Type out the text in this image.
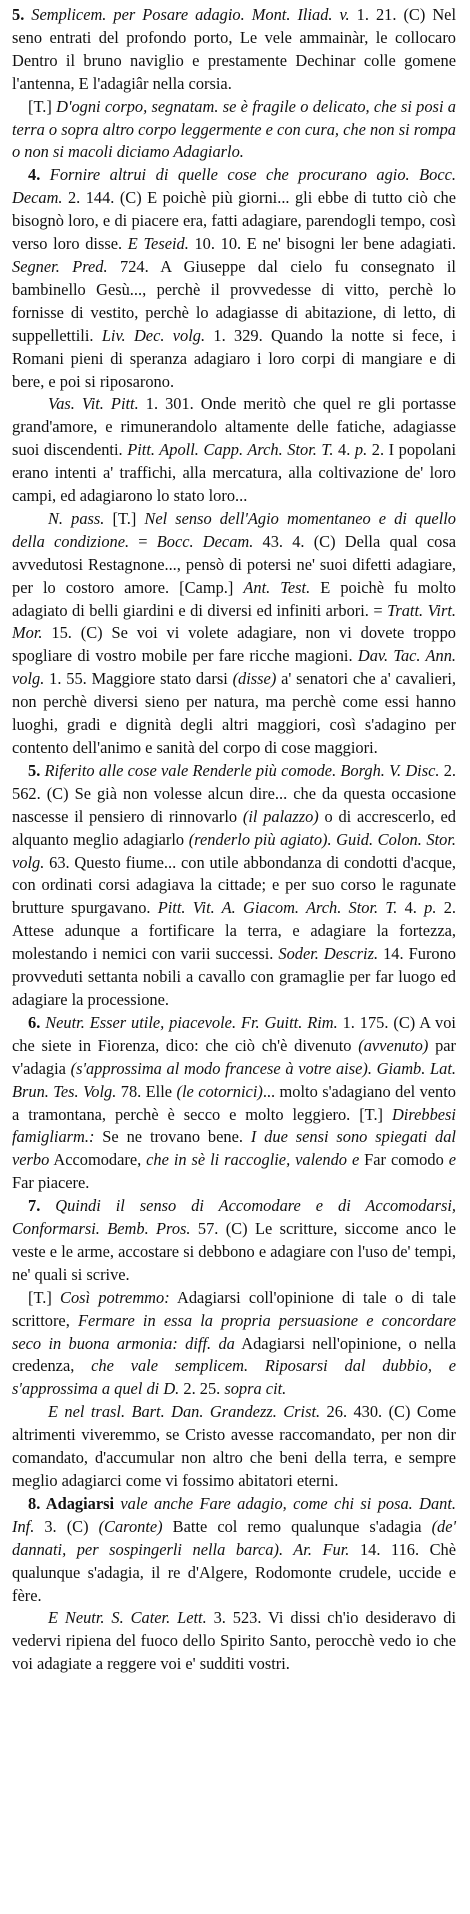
5. Semplicem. per Posare adagio. Mont. Iliad. v. 1. 21. (C) Nel seno entrati del profondo porto, Le vele ammainàr, le collocaro Dentro il bruno naviglio e prestamente Dechinar colle gomene l'antenna, E l'adagiâr nella corsia.

[T.] D'ogni corpo, segnatam. se è fragile o delicato, che si posi a terra o sopra altro corpo leggermente e con cura, che non si rompa o non si macoli diciamo Adagiarlo.

4. Fornire altrui di quelle cose che procurano agio. Bocc. Decam. 2. 144. (C) E poichè più giorni... gli ebbe di tutto ciò che bisognò loro, e di piacere era, fatti adagiare, parendogli tempo, così verso loro disse. E Teseid. 10. 10. E ne' bisogni ler bene adagiati. Segner. Pred. 724. A Giuseppe dal cielo fu consegnato il bambinello Gesù..., perchè il provvedesse di vitto, perchè lo fornisse di vestito, perchè lo adagiasse di abitazione, di letto, di suppellettili. Liv. Dec. volg. 1. 329. Quando la notte si fece, i Romani pieni di speranza adagiaro i loro corpi di mangiare e di bere, e poi si riposarono.

Vas. Vit. Pitt. 1. 301. Onde meritò che quel re gli portasse grand'amore, e rimunerandolo altamente delle fatiche, adagiasse suoi discendenti. Pitt. Apoll. Capp. Arch. Stor. T. 4. p. 2. I popolani erano intenti a' traffichi, alla mercatura, alla coltivazione de' loro campi, ed adagiarono lo stato loro...

N. pass. [T.] Nel senso dell'Agio momentaneo e di quello della condizione. = Bocc. Decam. 43. 4. (C) Della qual cosa avvedutosi Restagnone..., pensò di potersi ne' suoi difetti adagiare, per lo costoro amore. [Camp.] Ant. Test. E poichè fu molto adagiato di belli giardini e di diversi ed infiniti arbori. = Tratt. Virt. Mor. 15. (C) Se voi vi volete adagiare, non vi dovete troppo spogliare di vostro mobile per fare ricche magioni. Dav. Tac. Ann. volg. 1. 55. Maggiore stato darsi (disse) a' senatori che a' cavalieri, non perchè diversi sieno per natura, ma perchè come essi hanno luoghi, gradi e dignità degli altri maggiori, così s'adagino per contento dell'animo e sanità del corpo di cose maggiori.

5. Riferito alle cose vale Renderle più comode. Borgh. V. Disc. 2. 562. (C) Se già non volesse alcun dire... che da questa occasione nascesse il pensiero di rinnovarlo (il palazzo) o di accrescerlo, ed alquanto meglio adagiarlo (renderlo più agiato). Guid. Colon. Stor. volg. 63. Questo fiume... con utile abbondanza di condotti d'acque, con ordinati corsi adagiava la cittade; e per suo corso le ragunate brutture spurgavano. Pitt. Vit. A. Giacom. Arch. Stor. T. 4. p. 2. Attese adunque a fortificare la terra, e adagiare la fortezza, molestando i nemici con varii successi. Soder. Descriz. 14. Furono provveduti settanta nobili a cavallo con gramaglie per far luogo ed adagiare la processione.

6. Neutr. Esser utile, piacevole. Fr. Guitt. Rim. 1. 175. (C) A voi che siete in Fiorenza, dico: che ciò ch'è divenuto (avvenuto) par v'adagia (s'approssima al modo francese à votre aise). Giamb. Lat. Brun. Tes. Volg. 78. Elle (le cotornici)... molto s'adagiano del vento a tramontana, perchè è secco e molto leggiero. [T.] Direbbesi famigliarm.: Se ne trovano bene. I due sensi sono spiegati dal verbo Accomodare, che in sè li raccoglie, valendo e Far comodo e Far piacere.

7. Quindi il senso di Accomodare e di Accomodarsi, Conformarsi. Bemb. Pros. 57. (C) Le scritture, siccome anco le veste e le arme, accostare si debbono e adagiare con l'uso de' tempi, ne' quali si scrive.

[T.] Così potremmo: Adagiarsi coll'opinione di tale o di tale scrittore, Fermare in essa la propria persuasione e concordare seco in buona armonia: diff. da Adagiarsi nell'opinione, o nella credenza, che vale semplicem. Riposarsi dal dubbio, e s'approssima a quel di D. 2. 25. sopra cit.

E nel trasl. Bart. Dan. Grandezz. Crist. 26. 430. (C) Come altrimenti viveremmo, se Cristo avesse raccomandato, per non dir comandato, d'accumular non altro che beni della terra, e sempre meglio adagiarci come vi fossimo abitatori eterni.

8. Adagiarsi vale anche Fare adagio, come chi si posa. Dant. Inf. 3. (C) (Caronte) Batte col remo qualunque s'adagia (de' dannati, per sospingerli nella barca). Ar. Fur. 14. 116. Chè qualunque s'adagia, il re d'Algere, Rodomonte crudele, uccide e fère.

E Neutr. S. Cater. Lett. 3. 523. Vi dissi ch'io desideravo di vedervi ripiena del fuoco dello Spirito Santo, perocchè vedo io che voi adagiate a reggere voi e' sudditi vostri.
